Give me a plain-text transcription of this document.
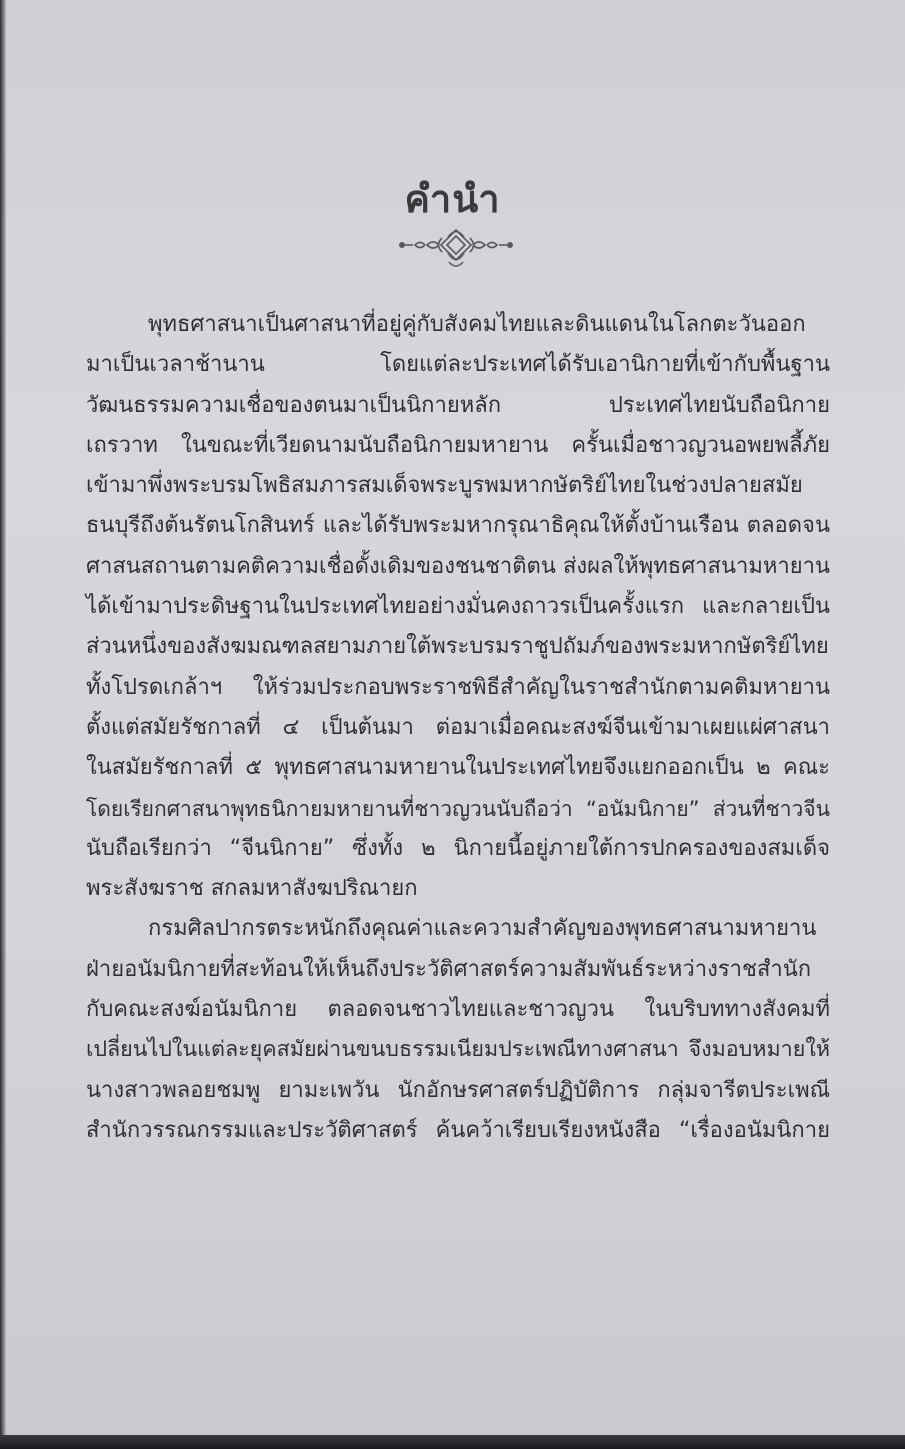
คำนำ
พุทธศาสนาเป็นศาสนาที่อยู่คู่กับสังคมไทยและดินแดนในโลกตะวันออก
มาเป็นเวลาช้านาน โดยแต่ละประเทศได้รับเอานิกายที่เข้ากับพื้นฐาน
วัฒนธรรมความเชื่อของตนมาเป็นนิกายหลัก ประเทศไทยนับถือนิกาย
เถรวาท ในขณะที่เวียดนามนับถือนิกายมหายาน ครั้นเมื่อชาวญวนอพยพลี้ภัย
เข้ามาพึ่งพระบรมโพธิสมภารสมเด็จพระบูรพมหากษัตริย์ไทยในช่วงปลายสมัย
ธนบุรีถึงต้นรัตนโกสินทร์ และได้รับพระมหากรุณาธิคุณให้ตั้งบ้านเรือน ตลอดจน
ศาสนสถานตามคติความเชื่อดั้งเดิมของชนชาติตน ส่งผลให้พุทธศาสนามหายาน
ได้เข้ามาประดิษฐานในประเทศไทยอย่างมั่นคงถาวรเป็นครั้งแรก และกลายเป็น
ส่วนหนึ่งของสังฆมณฑลสยามภายใต้พระบรมราชูปถัมภ์ของพระมหากษัตริย์ไทย
ทั้งโปรดเกล้าฯ ให้ร่วมประกอบพระราชพิธีสำคัญในราชสำนักตามคติมหายาน
ตั้งแต่สมัยรัชกาลที่ ๔ เป็นต้นมา ต่อมาเมื่อคณะสงฆ์จีนเข้ามาเผยแผ่ศาสนา
ในสมัยรัชกาลที่ ๕ พุทธศาสนามหายานในประเทศไทยจึงแยกออกเป็น ๒ คณะ
โดยเรียกศาสนาพุทธนิกายมหายานที่ชาวญวนนับถือว่า “อนัมนิกาย” ส่วนที่ชาวจีน
นับถือเรียกว่า “จีนนิกาย” ซึ่งทั้ง ๒ นิกายนี้อยู่ภายใต้การปกครองของสมเด็จ
พระสังฆราช สกลมหาสังฆปริณายก
กรมศิลปากรตระหนักถึงคุณค่าและความสำคัญของพุทธศาสนามหายาน
ฝ่ายอนัมนิกายที่สะท้อนให้เห็นถึงประวัติศาสตร์ความสัมพันธ์ระหว่างราชสำนัก
กับคณะสงฆ์อนัมนิกาย ตลอดจนชาวไทยและชาวญวน ในบริบททางสังคมที่
เปลี่ยนไปในแต่ละยุคสมัยผ่านขนบธรรมเนียมประเพณีทางศาสนา จึงมอบหมายให้
นางสาวพลอยชมพู ยามะเพวัน นักอักษรศาสตร์ปฏิบัติการ กลุ่มจารีตประเพณี
สำนักวรรณกรรมและประวัติศาสตร์ ค้นคว้าเรียบเรียงหนังสือ “เรื่องอนัมนิกาย
